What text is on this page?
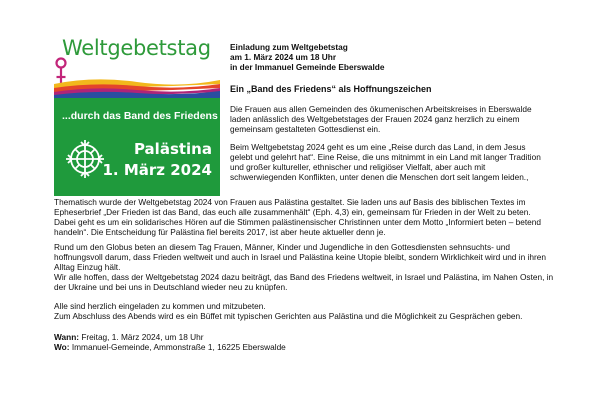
Weltgebetstag
...durch das Band des Friedens
Palästina
1. März 2024

Einladung zum Weltgebetstag

am 1. März 2024 um 18 Uhr

in der Immanuel Gemeinde Eberswalde

Ein „Band des Friedens“ als Hoffnungszeichen

Die Frauen aus allen Gemeinden des ökumenischen Arbeitskreises in Eberswalde laden anlässlich des Weltgebetstages der Frauen 2024 ganz herzlich zu einem gemeinsam gestalteten Gottesdienst ein.

Beim Weltgebetstag 2024 geht es um eine „Reise durch das Land, in dem Jesus gelebt und gelehrt hat“. Eine Reise, die uns mitnimmt in ein Land mit langer Tradition und großer kultureller, ethnischer und religiöser Vielfalt, aber auch mit schwerwiegenden Konflikten, unter denen die Menschen dort seit langem leiden.,

Thematisch wurde der Weltgebetstag 2024 von Frauen aus Palästina gestaltet. Sie laden uns auf Basis des biblischen Textes im Epheserbrief „Der Frieden ist das Band, das euch alle zusammenhält“ (Eph. 4,3) ein, gemeinsam für Frieden in der Welt zu beten. Dabei geht es um ein solidarisches Hören auf die Stimmen palästinensischer Christinnen unter dem Motto „Informiert beten – betend handeln“. Die Entscheidung für Palästina fiel bereits 2017, ist aber heute aktueller denn je.

Rund um den Globus beten an diesem Tag Frauen, Männer, Kinder und Jugendliche in den Gottesdiensten sehnsuchts- und hoffnungsvoll darum, dass Frieden weltweit und auch in Israel und Palästina keine Utopie bleibt, sondern Wirklichkeit wird und in ihren Alltag Einzug hält.

Wir alle hoffen, dass der Weltgebetstag 2024 dazu beiträgt, das Band des Friedens weltweit, in Israel und Palästina, im Nahen Osten, in der Ukraine und bei uns in Deutschland wieder neu zu knüpfen.

Alle sind herzlich eingeladen zu kommen und mitzubeten.

Zum Abschluss des Abends wird es ein Büffet mit typischen Gerichten aus Palästina und die Möglichkeit zu Gesprächen geben.

Wann: Freitag, 1. März 2024, um 18 Uhr

Wo: Immanuel-Gemeinde, Ammonstraße 1, 16225 Eberswalde
